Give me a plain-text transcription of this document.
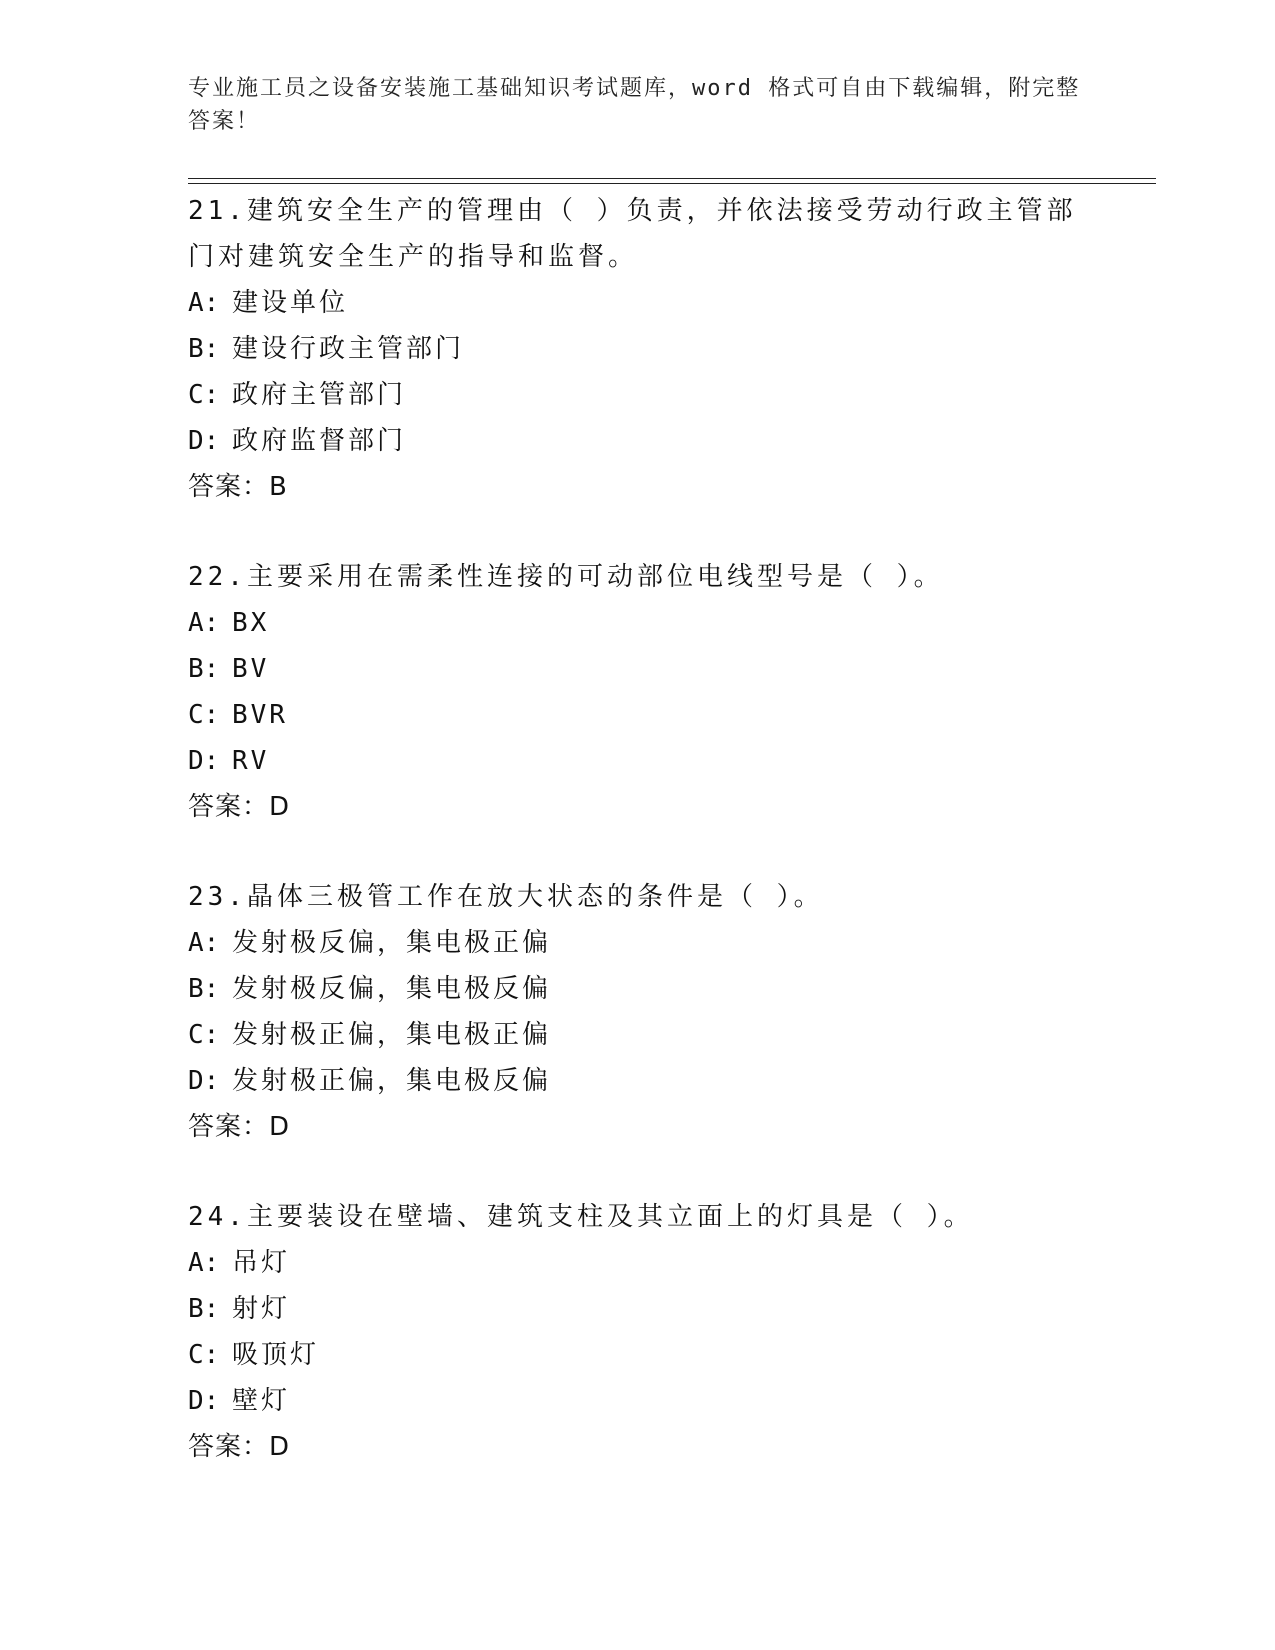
专业施工员之设备安装施工基础知识考试题库，word 格式可自由下载编辑，附完整答案！

21.建筑安全生产的管理由（ ）负责，并依法接受劳动行政主管部门对建筑安全生产的指导和监督。

A: 建设单位

B: 建设行政主管部门

C: 政府主管部门

D: 政府监督部门

答案：B

22.主要采用在需柔性连接的可动部位电线型号是（ ）。

A: BX

B: BV

C: BVR

D: RV

答案：D

23.晶体三极管工作在放大状态的条件是（ ）。

A: 发射极反偏，集电极正偏

B: 发射极反偏，集电极反偏

C: 发射极正偏，集电极正偏

D: 发射极正偏，集电极反偏

答案：D

24.主要装设在壁墙、建筑支柱及其立面上的灯具是（ ）。

A: 吊灯

B: 射灯

C: 吸顶灯

D: 壁灯

答案：D
